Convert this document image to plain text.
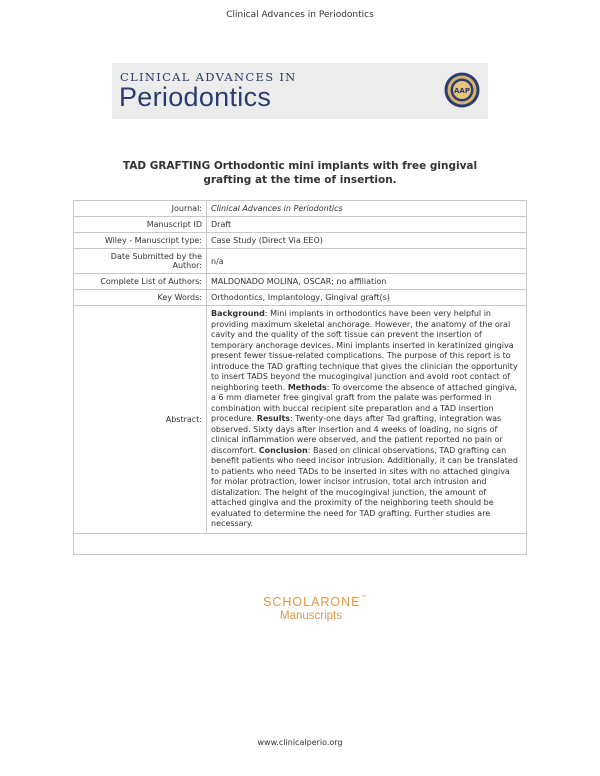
Clinical Advances in Periodontics
CLINICAL ADVANCES IN
Periodontics	AAP
TAD GRAFTING Orthodontic mini implants with free gingival
grafting at the time of insertion.
Journal:	Clinical Advances in Periodontics
Manuscript ID	Draft
Wiley - Manuscript type:	Case Study (Direct Via EEO)

Date Submitted by the
Author:	n/a
Complete List of Authors:	MALDONADO MOLINA, OSCAR; no affiliation
Key Words:	Orthodontics, Implantology, Gingival graft(s)
Abstract:	Background: Mini implants in orthodontics have been very helpful in providing maximum skeletal anchorage. However, the anatomy of the oral cavity and the quality of the soft tissue can prevent the insertion of temporary anchorage devices. Mini implants inserted in keratinized gingiva present fewer tissue-related complications. The purpose of this report is to introduce the TAD grafting technique that gives the clinician the opportunity to insert TADS beyond the mucogingival junction and avoid root contact of neighboring teeth. Methods: To overcome the absence of attached gingiva, a 6 mm diameter free gingival graft from the palate was performed in combination with buccal recipient site preparation and a TAD insertion procedure. Results: Twenty-one days after Tad grafting, integration was observed. Sixty days after insertion and 4 weeks of loading, no signs of clinical inflammation were observed, and the patient reported no pain or discomfort. Conclusion: Based on clinical observations, TAD grafting can benefit patients who need incisor intrusion. Additionally, it can be translated to patients who need TADs to be inserted in sites with no attached gingiva for molar protraction, lower incisor intrusion, total arch intrusion and distalization. The height of the mucogingival junction, the amount of attached gingiva and the proximity of the neighboring teeth should be evaluated to determine the need for TAD grafting. Further studies are necessary.

SCHOLARONE™
Manuscripts
www.clinicalperio.org
